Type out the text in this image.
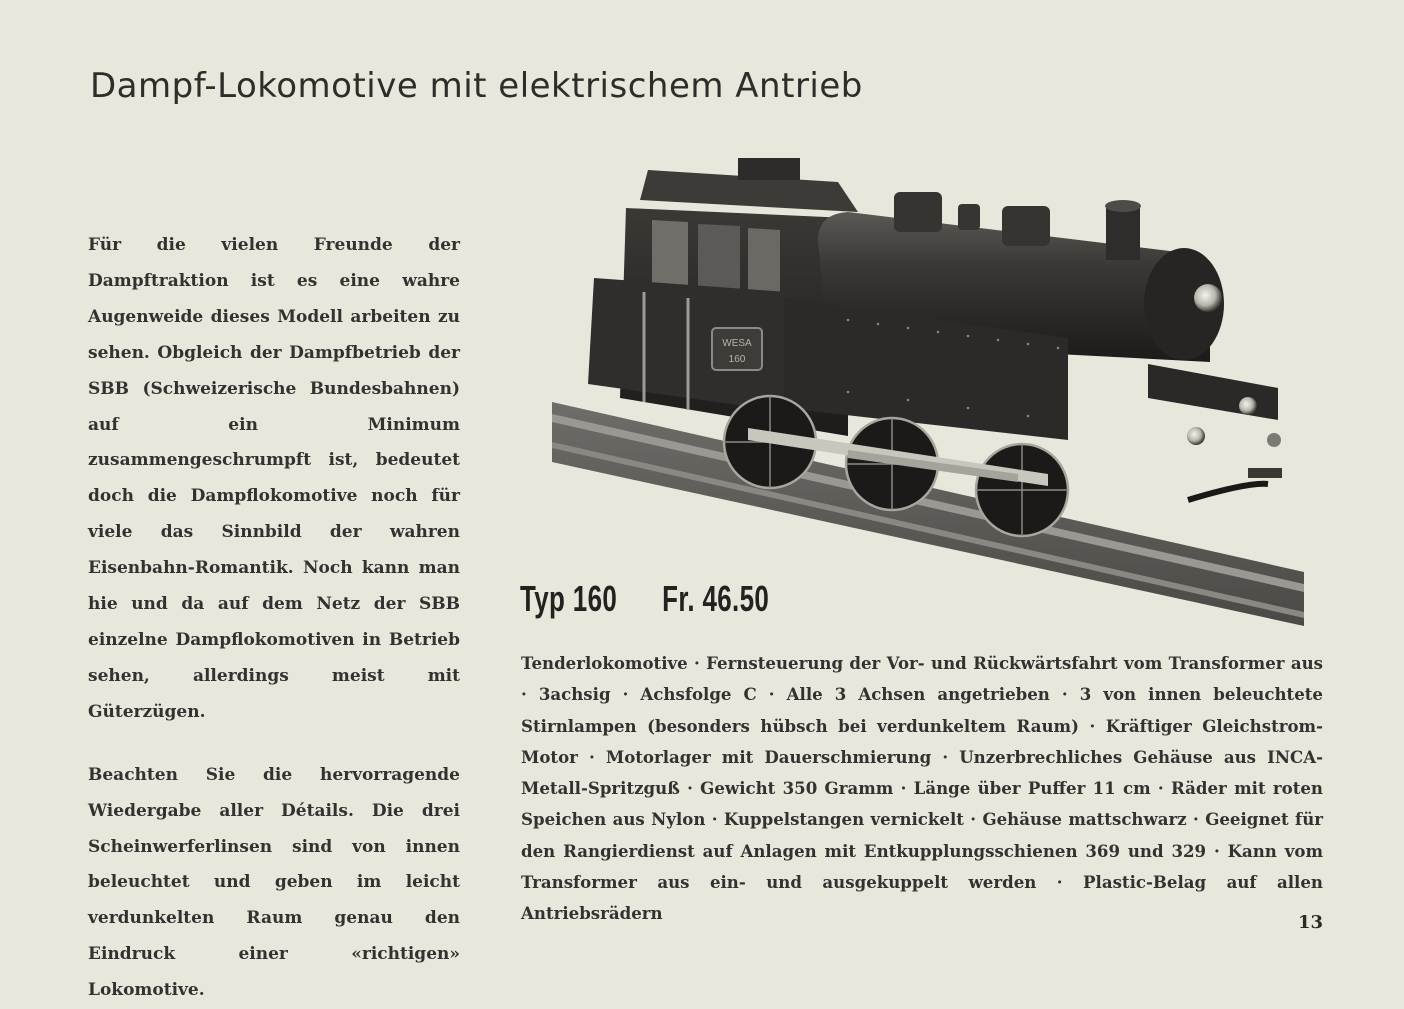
Dampf-Lokomotive mit elektrischem Antrieb

Für die vielen Freunde der Dampftraktion ist es eine wahre Augenweide dieses Modell arbeiten zu sehen. Obgleich der Dampfbetrieb der SBB (Schweizerische Bundesbahnen) auf ein Minimum zusammengeschrumpft ist, bedeutet doch die Dampflokomotive noch für viele das Sinnbild der wahren Eisenbahn-Romantik. Noch kann man hie und da auf dem Netz der SBB einzelne Dampflokomotiven in Betrieb sehen, allerdings meist mit Güterzügen.

Beachten Sie die hervorragende Wiedergabe aller Détails. Die drei Scheinwerferlinsen sind von innen beleuchtet und geben im leicht verdunkelten Raum genau den Eindruck einer «richtigen» Lokomotive.

WESA
160
Typ 160 Fr. 46.50

Tenderlokomotive · Fernsteuerung der Vor- und Rückwärtsfahrt vom Transformer aus · 3achsig · Achsfolge C · Alle 3 Achsen angetrieben · 3 von innen beleuchtete Stirnlampen (besonders hübsch bei verdunkeltem Raum) · Kräftiger Gleichstrom-Motor · Motorlager mit Dauerschmierung · Unzerbrechliches Gehäuse aus INCA-Metall-Spritzguß · Gewicht 350 Gramm · Länge über Puffer 11 cm · Räder mit roten Speichen aus Nylon · Kuppelstangen vernickelt · Gehäuse mattschwarz · Geeignet für den Rangierdienst auf Anlagen mit Entkupplungsschienen 369 und 329 · Kann vom Transformer aus ein- und ausgekuppelt werden · Plastic-Belag auf allen Antriebsrädern	13
